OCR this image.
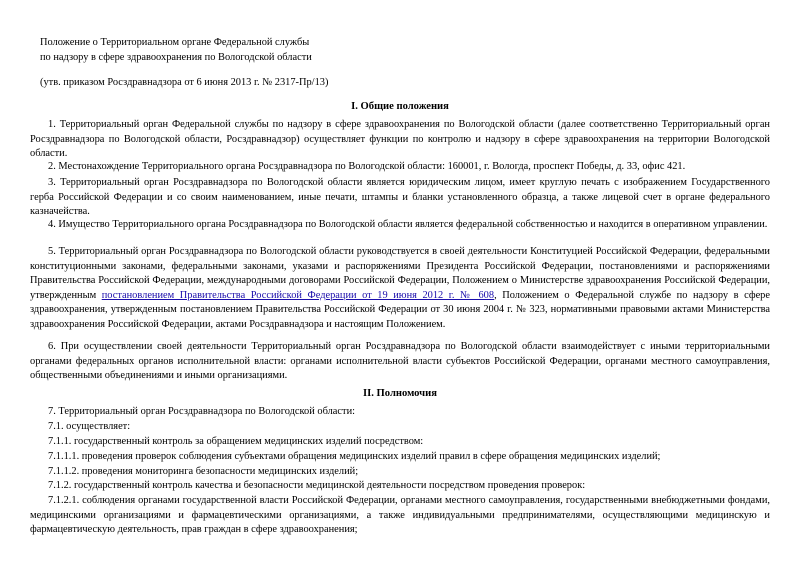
Положение о Территориальном органе Федеральной службы
по надзору в сфере здравоохранения по Вологодской области
(утв. приказом Росздравнадзора от 6 июня 2013 г. № 2317-Пр/13)
I. Общие положения
1. Территориальный орган Федеральной службы по надзору в сфере здравоохранения по Вологодской области (далее соответственно Территориальный орган Росздравнадзора по Вологодской области, Росздравнадзор) осуществляет функции по контролю и надзору в сфере здравоохранения на территории Вологодской области.
2. Местонахождение Территориального органа Росздравнадзора по Вологодской области: 160001, г. Вологда, проспект Победы, д. 33, офис 421.
3. Территориальный орган Росздравнадзора по Вологодской области является юридическим лицом, имеет круглую печать с изображением Государственного герба Российской Федерации и со своим наименованием, иные печати, штампы и бланки установленного образца, а также лицевой счет в органе федерального казначейства.
4. Имущество Территориального органа Росздравнадзора по Вологодской области является федеральной собственностью и находится в оперативном управлении.
5. Территориальный орган Росздравнадзора по Вологодской области руководствуется в своей деятельности Конституцией Российской Федерации, федеральными конституционными законами, федеральными законами, указами и распоряжениями Президента Российской Федерации, постановлениями и распоряжениями Правительства Российской Федерации, международными договорами Российской Федерации, Положением о Министерстве здравоохранения Российской Федерации, утвержденным постановлением Правительства Российской Федерации от 19 июня 2012 г. № 608, Положением о Федеральной службе по надзору в сфере здравоохранения, утвержденным постановлением Правительства Российской Федерации от 30 июня 2004 г. № 323, нормативными правовыми актами Министерства здравоохранения Российской Федерации, актами Росздравнадзора и настоящим Положением.
6. При осуществлении своей деятельности Территориальный орган Росздравнадзора по Вологодской области взаимодействует с иными территориальными органами федеральных органов исполнительной власти: органами исполнительной власти субъектов Российской Федерации, органами местного самоуправления, общественными объединениями и иными организациями.
II. Полномочия
7. Территориальный орган Росздравнадзора по Вологодской области:
7.1. осуществляет:
7.1.1. государственный контроль за обращением медицинских изделий посредством:
7.1.1.1. проведения проверок соблюдения субъектами обращения медицинских изделий правил в сфере обращения медицинских изделий;
7.1.1.2. проведения мониторинга безопасности медицинских изделий;
7.1.2. государственный контроль качества и безопасности медицинской деятельности посредством проведения проверок:
7.1.2.1. соблюдения органами государственной власти Российской Федерации, органами местного самоуправления, государственными внебюджетными фондами, медицинскими организациями и фармацевтическими организациями, а также индивидуальными предпринимателями, осуществляющими медицинскую и фармацевтическую деятельность, прав граждан в сфере здравоохранения;
